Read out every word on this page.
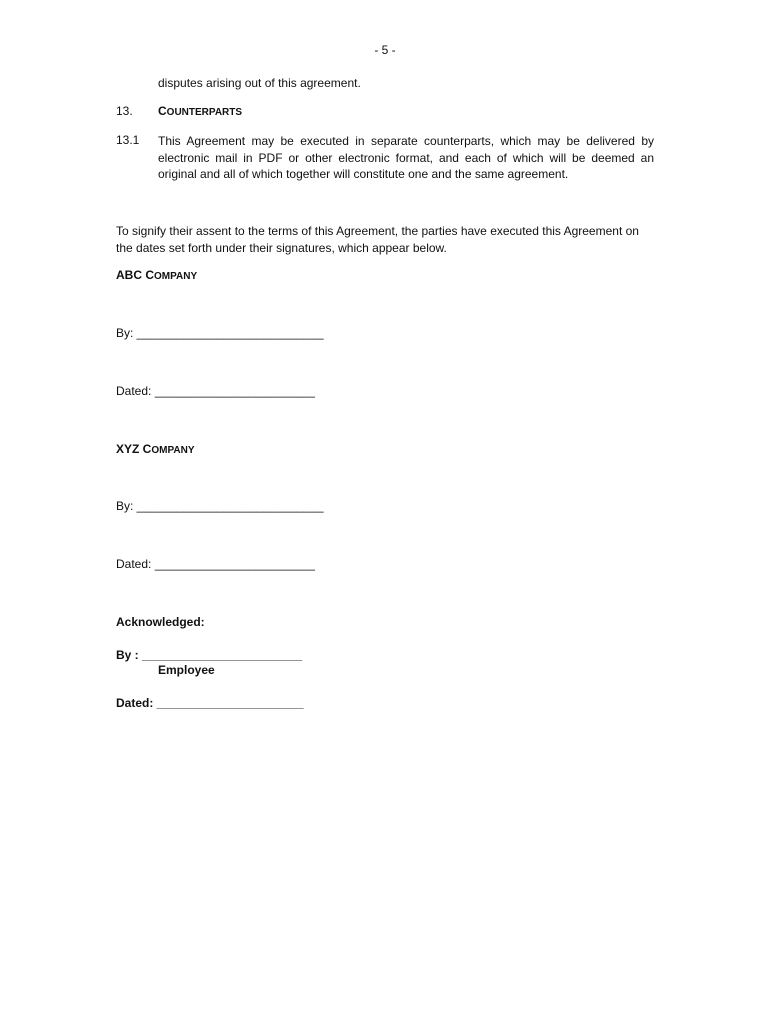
- 5 -
disputes arising out of this agreement.
13. COUNTERPARTS
13.1 This Agreement may be executed in separate counterparts, which may be delivered by electronic mail in PDF or other electronic format, and each of which will be deemed an original and all of which together will constitute one and the same agreement.
To signify their assent to the terms of this Agreement, the parties have executed this Agreement on the dates set forth under their signatures, which appear below.
ABC COMPANY
By: ____________________________
Dated: ________________________
XYZ COMPANY
By: ____________________________
Dated: ________________________
Acknowledged:
By : ________________________
Employee
Dated: ______________________
